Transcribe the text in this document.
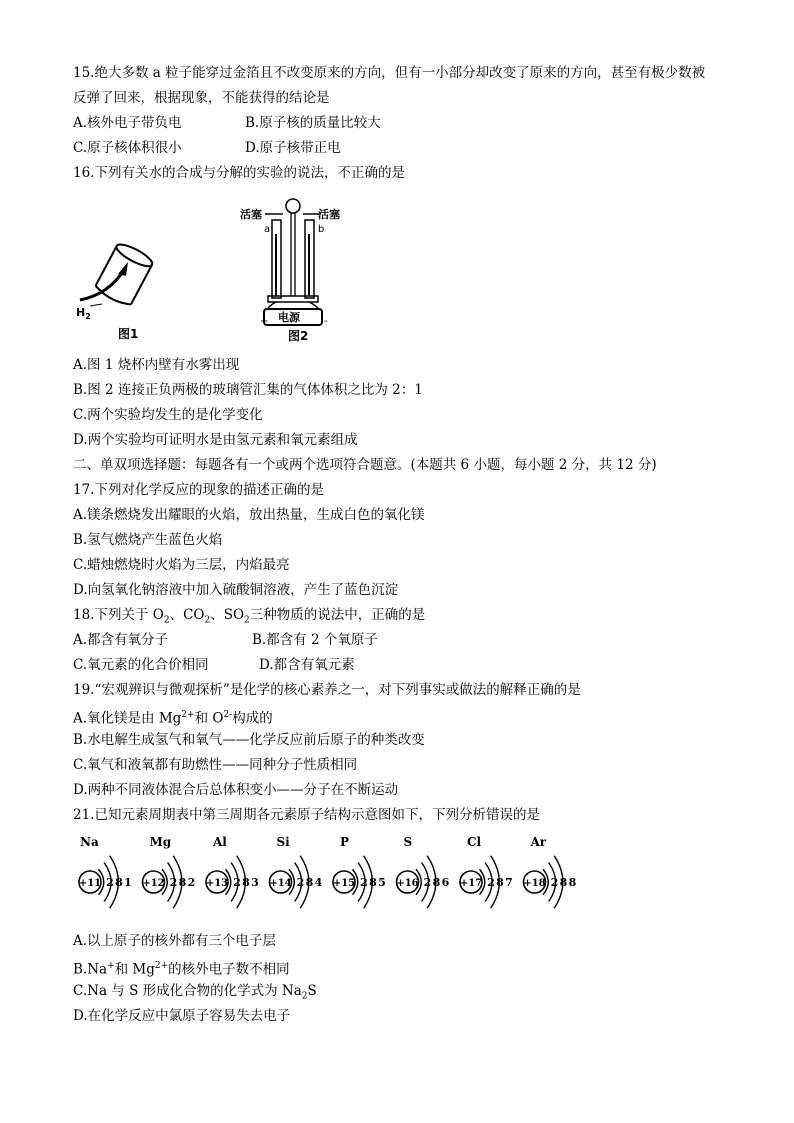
15.绝大多数 a 粒子能穿过金箔且不改变原来的方向，但有一小部分却改变了原来的方向，甚至有极少数被
反弹了回来，根据现象，不能获得的结论是
A.核外电子带负电	B.原子核的质量比较大
C.原子核体积很小	D.原子核带正电
16.下列有关水的合成与分解的实验的说法，不正确的是
$H_2$
图1
活塞	活塞
a	b
电源
+	-
图2
A.图 1 烧杯内壁有水雾出现
B.图 2 连接正负两极的玻璃管汇集的气体体积之比为 2：1
C.两个实验均发生的是化学变化
D.两个实验均可证明水是由氢元素和氧元素组成
二、单双项选择题：每题各有一个或两个选项符合题意。(本题共 6 小题，每小题 2 分，共 12 分)
17.下列对化学反应的现象的描述正确的是
A.镁条燃烧发出耀眼的火焰，放出热量，生成白色的氧化镁
B.氢气燃烧产生蓝色火焰
C.蜡烛燃烧时火焰为三层，内焰最亮
D.向氢氧化钠溶液中加入硫酸铜溶液，产生了蓝色沉淀
18.下列关于 $O_2$、$CO_2$、$SO_2$三种物质的说法中，正确的是
A.都含有氧分子	B.都含有 2 个氧原子
C.氧元素的化合价相同	D.都含有氧元素
19.“宏观辨识与微观探析”是化学的核心素养之一，对下列事实或做法的解释正确的是
A.氧化镁是由 $Mg^{2+}$和 $O^{2-}$构成的
B.水电解生成氢气和氧气——化学反应前后原子的种类改变
C.氧气和液氧都有助燃性——同种分子性质相同
D.两种不同液体混合后总体积变小——分子在不断运动
21.已知元素周期表中第三周期各元素原子结构示意图如下，下列分析错误的是
Na
+11 2 8 1
Mg
+12 2 8 2
Al
+13 2 8 3
Si
+14 2 8 4
P
+15 2 8 5
S
+16 2 8 6
Cl
+17 2 8 7
Ar
+18 2 8 8
A.以上原子的核外都有三个电子层
B.Na+和 $Mg^{2+}$的核外电子数不相同
C.Na 与 S 形成化合物的化学式为 $Na_2S$
D.在化学反应中氯原子容易失去电子
